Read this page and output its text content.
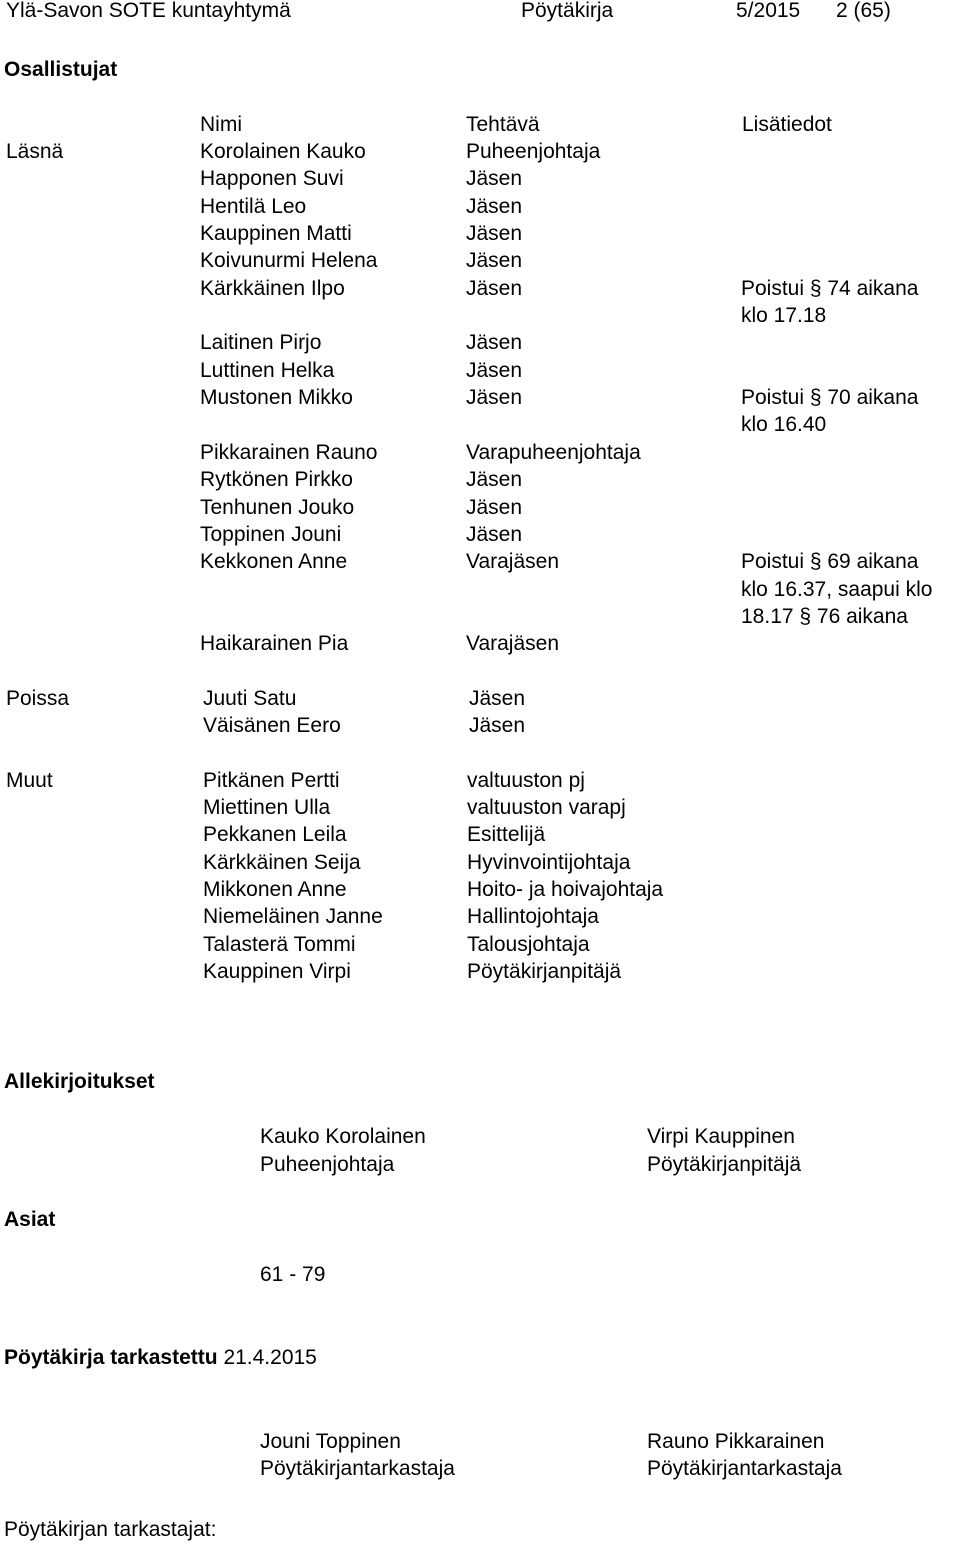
Ylä-Savon SOTE kuntayhtymä	Pöytäkirja	5/2015 2 (65)
Osallistujat
Nimi	Tehtävä	Lisätiedot
Läsnä	Korolainen Kauko	Puheenjohtaja
Happonen Suvi	Jäsen
Hentilä Leo	Jäsen
Kauppinen Matti	Jäsen
Koivunurmi Helena	Jäsen
Kärkkäinen Ilpo	Jäsen	Poistui § 74 aikana
klo 17.18
Laitinen Pirjo	Jäsen
Luttinen Helka	Jäsen
Mustonen Mikko	Jäsen	Poistui § 70 aikana
klo 16.40
Pikkarainen Rauno	Varapuheenjohtaja
Rytkönen Pirkko	Jäsen
Tenhunen Jouko	Jäsen
Toppinen Jouni	Jäsen
Kekkonen Anne	Varajäsen	Poistui § 69 aikana
klo 16.37, saapui klo
18.17 § 76 aikana
Haikarainen Pia	Varajäsen
Poissa	Juuti Satu	Jäsen
Väisänen Eero	Jäsen
Muut	Pitkänen Pertti	valtuuston pj
Miettinen Ulla	valtuuston varapj
Pekkanen Leila	Esittelijä
Kärkkäinen Seija	Hyvinvointijohtaja
Mikkonen Anne	Hoito- ja hoivajohtaja
Niemeläinen Janne	Hallintojohtaja
Talasterä Tommi	Talousjohtaja
Kauppinen Virpi	Pöytäkirjanpitäjä
Allekirjoitukset
Kauko Korolainen
Puheenjohtaja
Virpi Kauppinen
Pöytäkirjanpitäjä
Asiat
61 - 79
Pöytäkirja tarkastettu 21.4.2015
Jouni Toppinen
Pöytäkirjantarkastaja
Rauno Pikkarainen
Pöytäkirjantarkastaja
Pöytäkirjan tarkastajat:
